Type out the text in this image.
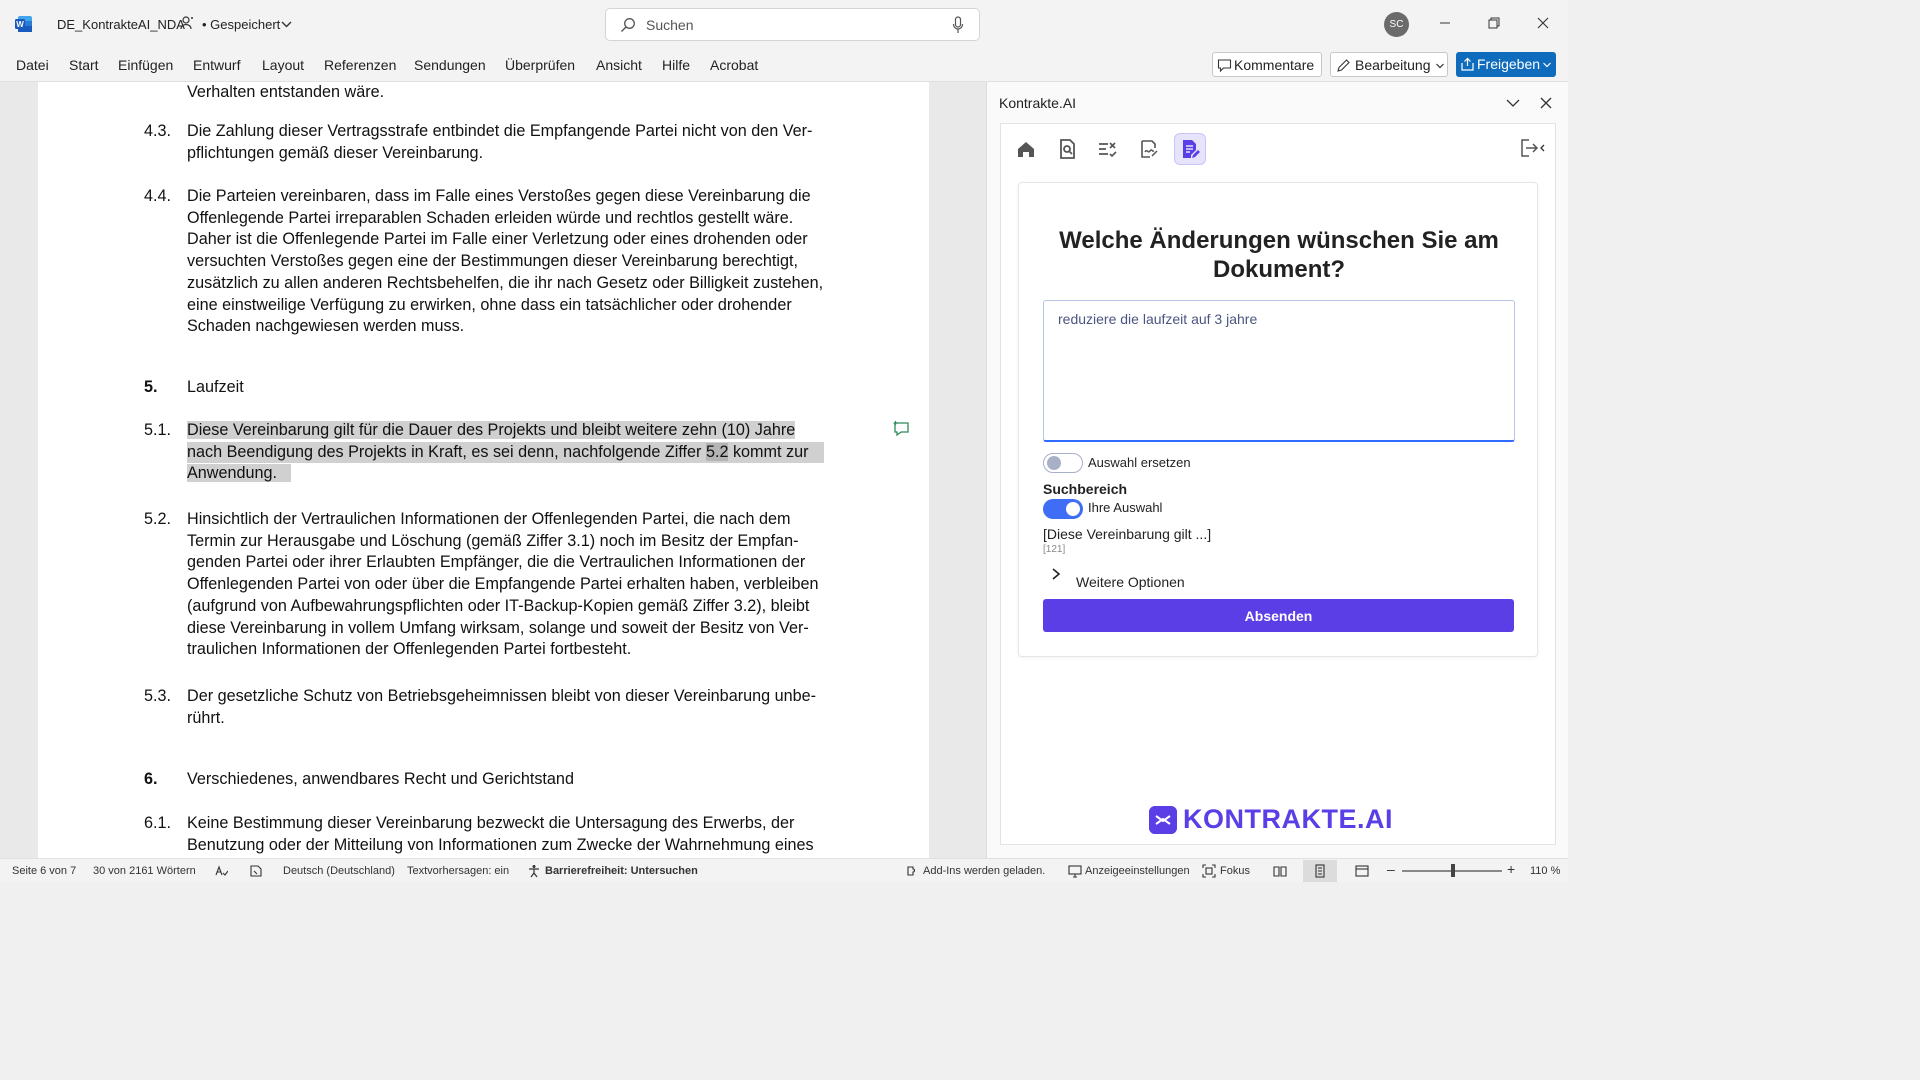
W	DE_KontrakteAI_NDA • Gespeichert
Suchen	SC
Datei Start Einfügen Entwurf Layout Referenzen Sendungen Überprüfen Ansicht Hilfe Acrobat	Kommentare	Bearbeitung	Freigeben
Verhalten entstanden wäre.
4.3. Die Zahlung dieser Vertragsstrafe entbindet die Empfangende Partei nicht von den Ver-
pflichtungen gemäß dieser Vereinbarung.
4.4. Die Parteien vereinbaren, dass im Falle eines Verstoßes gegen diese Vereinbarung die
Offenlegende Partei irreparablen Schaden erleiden würde und rechtlos gestellt wäre.
Daher ist die Offenlegende Partei im Falle einer Verletzung oder eines drohenden oder
versuchten Verstoßes gegen eine der Bestimmungen dieser Vereinbarung berechtigt,
zusätzlich zu allen anderen Rechtsbehelfen, die ihr nach Gesetz oder Billigkeit zustehen,
eine einstweilige Verfügung zu erwirken, ohne dass ein tatsächlicher oder drohender
Schaden nachgewiesen werden muss.
5. Laufzeit
5.1. Diese Vereinbarung gilt für die Dauer des Projekts und bleibt weitere zehn (10) Jahre
nach Beendigung des Projekts in Kraft, es sei denn, nachfolgende Ziffer 5.2 kommt zur
Anwendung.
5.2. Hinsichtlich der Vertraulichen Informationen der Offenlegenden Partei, die nach dem
Termin zur Herausgabe und Löschung (gemäß Ziffer 3.1) noch im Besitz der Empfan-
genden Partei oder ihrer Erlaubten Empfänger, die die Vertraulichen Informationen der
Offenlegenden Partei von oder über die Empfangende Partei erhalten haben, verbleiben
(aufgrund von Aufbewahrungspflichten oder IT-Backup-Kopien gemäß Ziffer 3.2), bleibt
diese Vereinbarung in vollem Umfang wirksam, solange und soweit der Besitz von Ver-
traulichen Informationen der Offenlegenden Partei fortbesteht.
5.3. Der gesetzliche Schutz von Betriebsgeheimnissen bleibt von dieser Vereinbarung unbe-
rührt.
6. Verschiedenes, anwendbares Recht und Gerichtstand
6.1. Keine Bestimmung dieser Vereinbarung bezweckt die Untersagung des Erwerbs, der
Benutzung oder der Mitteilung von Informationen zum Zwecke der Wahrnehmung eines
Kontrakte.AI
Welche Änderungen wünschen Sie am Dokument?
reduziere die laufzeit auf 3 jahre
Auswahl ersetzen
Suchbereich
Ihre Auswahl
[Diese Vereinbarung gilt ...]
[121]
Weitere Optionen
Absenden
KONTRAKTE.AI
Seite 6 von 7 30 von 2161 Wörtern	Deutsch (Deutschland) Textvorhersagen: ein	Barrierefreiheit: Untersuchen	Add-Ins werden geladen.	Anzeigeeinstellungen	Fokus	–	+ 110 %
